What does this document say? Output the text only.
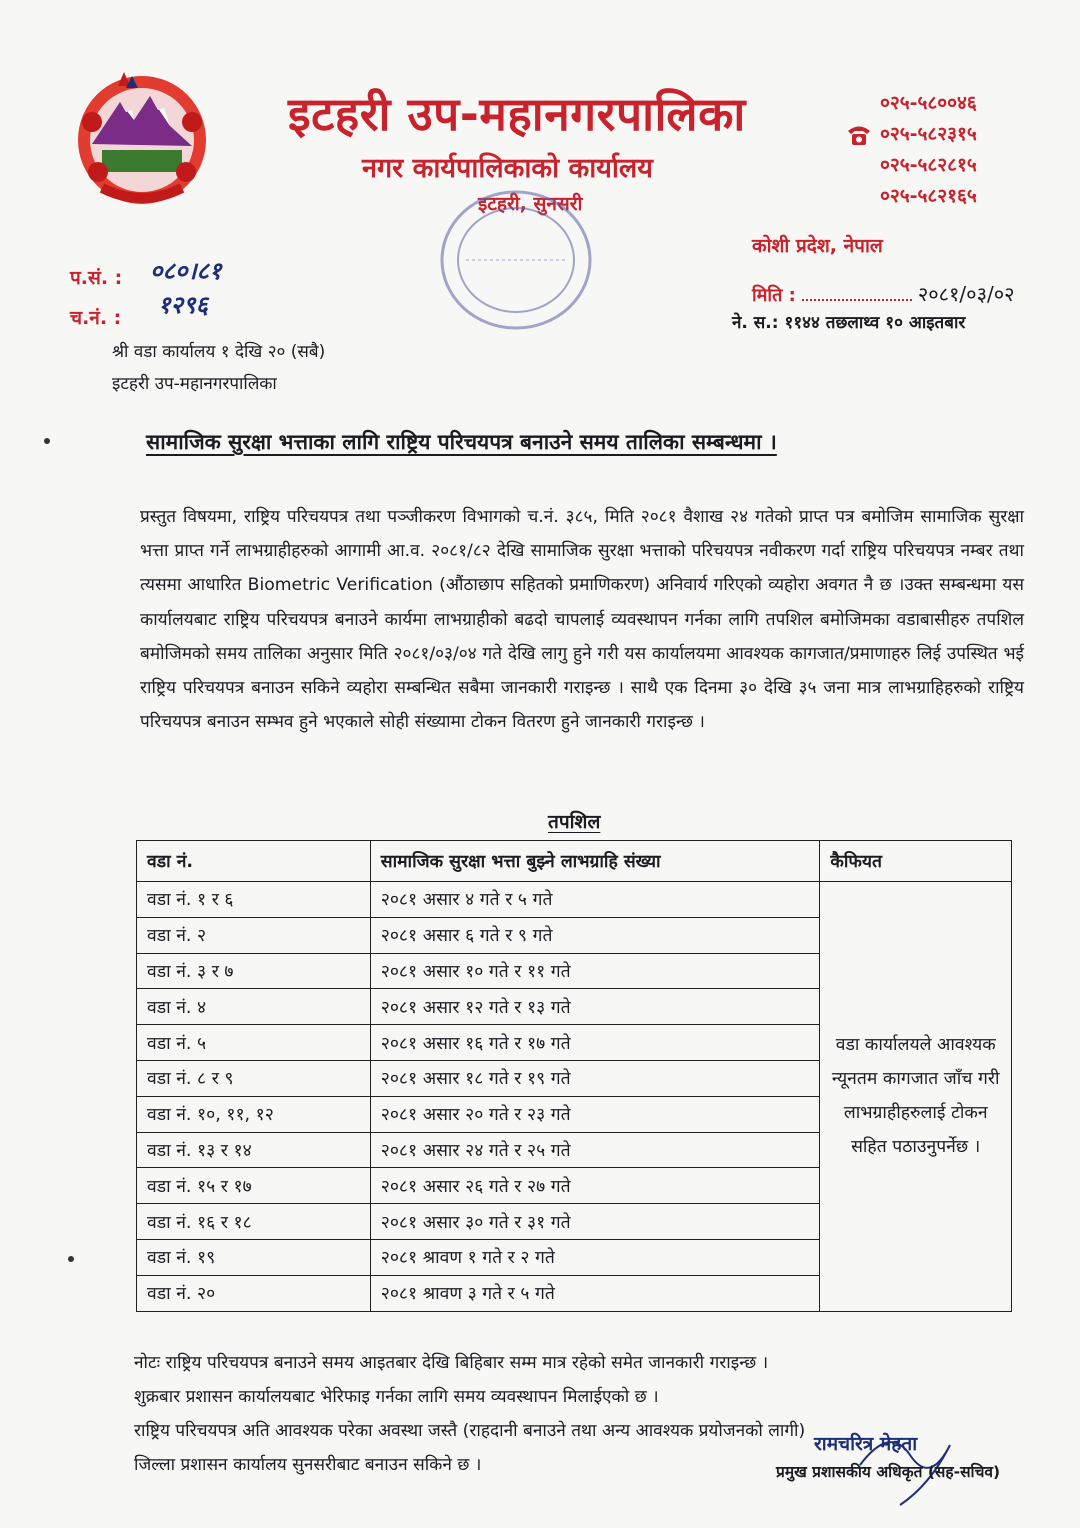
इटहरी उप-महानगरपालिका
नगर कार्यपालिकाको कार्यालय
इटहरी, सुनसरी
०२५-५८००४६
०२५-५८२३१५
०२५-५८२८१५
०२५-५८२१६५
कोशी प्रदेश, नेपाल
प.सं. : ०८०।८१
च.नं. : १२९६	मिति :	२०८१/०३/०२
ने. स.: ११४४ तछलाथ्व १० आइतबार
श्री वडा कार्यालय १ देखि २० (सबै)
इटहरी उप-महानगरपालिका
सामाजिक सुरक्षा भत्ताका लागि राष्ट्रिय परिचयपत्र बनाउने समय तालिका सम्बन्धमा ।
प्रस्तुत विषयमा, राष्ट्रिय परिचयपत्र तथा पञ्जीकरण विभागको च.नं. ३८५, मिति २०८१ वैशाख २४ गतेको प्राप्त पत्र बमोजिम सामाजिक सुरक्षा भत्ता प्राप्त गर्ने लाभग्राहीहरुको आगामी आ.व. २०८१/८२ देखि सामाजिक सुरक्षा भत्ताको परिचयपत्र नवीकरण गर्दा राष्ट्रिय परिचयपत्र नम्बर तथा त्यसमा आधारित Biometric Verification (औंठाछाप सहितको प्रमाणिकरण) अनिवार्य गरिएको व्यहोरा अवगत नै छ ।उक्त सम्बन्धमा यस कार्यालयबाट राष्ट्रिय परिचयपत्र बनाउने कार्यमा लाभग्राहीको बढदो चापलाई व्यवस्थापन गर्नका लागि तपशिल बमोजिमका वडाबासीहरु तपशिल बमोजिमको समय तालिका अनुसार मिति २०८१/०३/०४ गते देखि लागु हुने गरी यस कार्यालयमा आवश्यक कागजात/प्रमाणाहरु लिई उपस्थित भई राष्ट्रिय परिचयपत्र बनाउन सकिने व्यहोरा सम्बन्धित सबैमा जानकारी गराइन्छ । साथै एक दिनमा ३० देखि ३५ जना मात्र लाभग्राहिहरुको राष्ट्रिय परिचयपत्र बनाउन सम्भव हुने भएकाले सोही संख्यामा टोकन वितरण हुने जानकारी गराइन्छ ।
तपशिल
वडा नं.	सामाजिक सुरक्षा भत्ता बुझ्ने लाभग्राहि संख्या	कैफियत
वडा नं. १ र ६	२०८१ असार ४ गते र ५ गते	वडा कार्यालयले आवश्यक न्यूनतम कागजात जाँच गरी लाभग्राहीहरुलाई टोकन सहित पठाउनुपर्नेछ ।
वडा नं. २	२०८१ असार ६ गते र ९ गते	
वडा नं. ३ र ७	२०८१ असार १० गते र ११ गते	
वडा नं. ४	२०८१ असार १२ गते र १३ गते	
वडा नं. ५	२०८१ असार १६ गते र १७ गते	
वडा नं. ८ र ९	२०८१ असार १८ गते र १९ गते	
वडा नं. १०, ११, १२	२०८१ असार २० गते र २३ गते	
वडा नं. १३ र १४	२०८१ असार २४ गते र २५ गते	
वडा नं. १५ र १७	२०८१ असार २६ गते र २७ गते	
वडा नं. १६ र १८	२०८१ असार ३० गते र ३१ गते	
वडा नं. १९	२०८१ श्रावण १ गते र २ गते	
वडा नं. २०	२०८१ श्रावण ३ गते र ५ गते	
नोटः राष्ट्रिय परिचयपत्र बनाउने समय आइतबार देखि बिहिबार सम्म मात्र रहेको समेत जानकारी गराइन्छ ।
शुक्रबार प्रशासन कार्यालयबाट भेरिफाइ गर्नका लागि समय व्यवस्थापन मिलाईएको छ ।
राष्ट्रिय परिचयपत्र अति आवश्यक परेका अवस्था जस्तै (राहदानी बनाउने तथा अन्य आवश्यक प्रयोजनको लागी)
जिल्ला प्रशासन कार्यालय सुनसरीबाट बनाउन सकिने छ ।
रामचरित्र मेहता
प्रमुख प्रशासकीय अधिकृत (सह-सचिव)
